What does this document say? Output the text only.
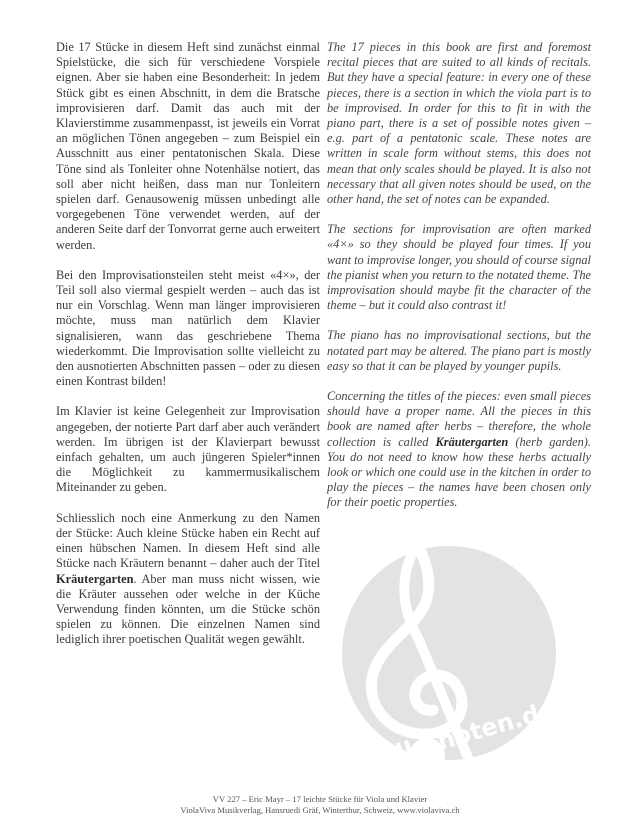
Die 17 Stücke in diesem Heft sind zunächst einmal Spielstücke, die sich für verschiedene Vorspiele eignen. Aber sie haben eine Besonderheit: In jedem Stück gibt es einen Abschnitt, in dem die Bratsche improvisieren darf. Damit das auch mit der Klavierstimme zusammenpasst, ist jeweils ein Vorrat an möglichen Tönen angegeben – zum Beispiel ein Ausschnitt aus einer pentatonischen Skala. Diese Töne sind als Tonleiter ohne Notenhälse notiert, das soll aber nicht heißen, dass man nur Tonleitern spielen darf. Genausowenig müssen unbedingt alle vorgegebenen Töne verwendet werden, auf der anderen Seite darf der Tonvorrat gerne auch erweitert werden.

Bei den Improvisationsteilen steht meist «4×», der Teil soll also viermal gespielt werden – auch das ist nur ein Vorschlag. Wenn man länger improvisieren möchte, muss man natürlich dem Klavier signalisieren, wann das geschriebene Thema wiederkommt. Die Improvisation sollte vielleicht zu den ausnotierten Abschnitten passen – oder zu diesen einen Kontrast bilden!

Im Klavier ist keine Gelegenheit zur Improvisation angegeben, der notierte Part darf aber auch verändert werden. Im übrigen ist der Klavierpart bewusst einfach gehalten, um auch jüngeren Spieler*innen die Möglichkeit zu kammermusikalischem Miteinander zu geben.

Schliesslich noch eine Anmerkung zu den Namen der Stücke: Auch kleine Stücke haben ein Recht auf einen hübschen Namen. In diesem Heft sind alle Stücke nach Kräutern benannt – daher auch der Titel Kräutergarten. Aber man muss nicht wissen, wie die Kräuter aussehen oder welche in der Küche Verwendung finden könnten, um die Stücke schön spielen zu können. Die einzelnen Namen sind lediglich ihrer poetischen Qualität wegen gewählt.

The 17 pieces in this book are first and foremost recital pieces that are suited to all kinds of recitals. But they have a special feature: in every one of these pieces, there is a section in which the viola part is to be improvised. In order for this to fit in with the piano part, there is a set of possible notes given – e.g. part of a pentatonic scale. These notes are written in scale form without stems, this does not mean that only scales should be played. It is also not necessary that all given notes should be used, on the other hand, the set of notes can be expanded.

The sections for improvisation are often marked «4×» so they should be played four times. If you want to improvise longer, you should of course signal the pianist when you return to the notated theme. The improvisation should maybe fit the character of the theme – but it could also contrast it!

The piano has no improvisational sections, but the notated part may be altered. The piano part is mostly easy so that it can be played by younger pupils.

Concerning the titles of the pieces: even small pieces should have a proper name. All the pieces in this book are named after herbs – therefore, the whole collection is called Kräutergarten (herb garden). You do not need to know how these herbs actually look or which one could use in the kitchen in order to play the pieces – the names have been chosen only for their poetic properties.

alle-noten.de
VV 227 – Eric Mayr – 17 leichte Stücke für Viola und Klavier
ViolaViva Musikverlag, Hansruedi Gräf, Winterthur, Schweiz, www.violaviva.ch
